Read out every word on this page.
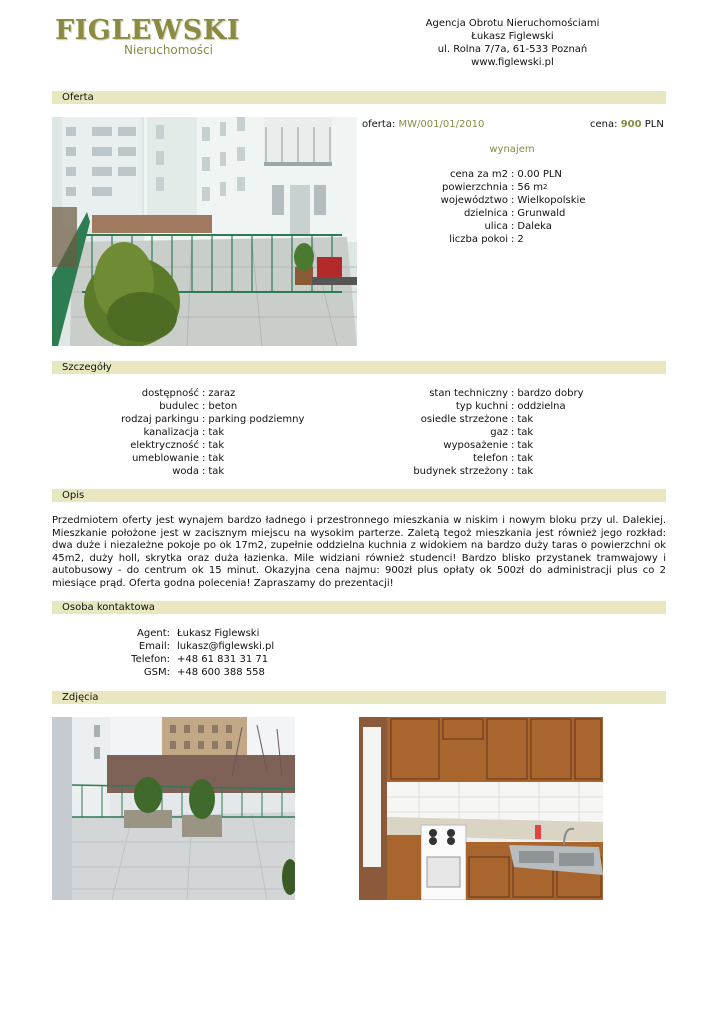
FIGLEWSKI
Nieruchomości
Agencja Obrotu Nieruchomościami
Łukasz Figlewski
ul. Rolna 7/7a, 61-533 Poznań
www.figlewski.pl
Oferta
oferta: MW/001/01/2010	cena: 900 PLN
wynajem
cena za m2 : 0.00 PLN
powierzchnia : 56 m 2
województwo : Wielkopolskie
dzielnica : Grunwald
ulica : Daleka
liczba pokoi : 2
Szczegóły
dostępność : zaraz
budulec : beton
rodzaj parkingu : parking podziemny
kanalizacja : tak
elektryczność : tak
umeblowanie : tak
woda : tak
stan techniczny : bardzo dobry
typ kuchni : oddzielna
osiedle strzeżone : tak
gaz : tak
wyposażenie : tak
telefon : tak
budynek strzeżony : tak
Opis
Przedmiotem oferty jest wynajem bardzo ładnego i przestronnego mieszkania w niskim i nowym bloku przy ul. Dalekiej. Mieszkanie położone jest w zacisznym miejscu na wysokim parterze. Zaletą tegoż mieszkania jest również jego rozkład: dwa duże i niezależne pokoje po ok 17m2, zupełnie oddzielna kuchnia z widokiem na bardzo duży taras o powierzchni ok 45m2, duży holl, skrytka oraz duża łazienka. Mile widziani również studenci! Bardzo blisko przystanek tramwajowy i autobusowy - do centrum ok 15 minut. Okazyjna cena najmu: 900zł plus opłaty ok 500zł do administracji plus co 2 miesiące prąd. Oferta godna polecenia! Zapraszamy do prezentacji!
Osoba kontaktowa
Agent: Łukasz Figlewski
Email: lukasz@figlewski.pl
Telefon: +48 61 831 31 71
GSM: +48 600 388 558
Zdjęcia
